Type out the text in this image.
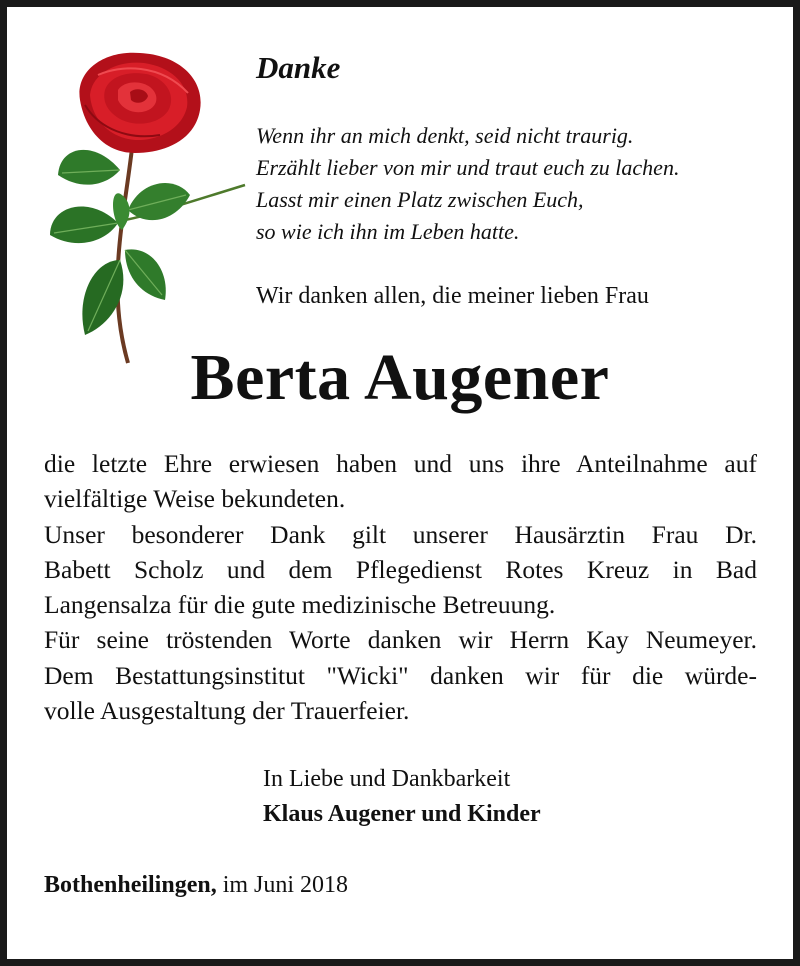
Danke
Wenn ihr an mich denkt, seid nicht traurig.
Erzählt lieber von mir und traut euch zu lachen.
Lasst mir einen Platz zwischen Euch,
so wie ich ihn im Leben hatte.
Wir danken allen, die meiner lieben Frau
Berta Augener
die letzte Ehre erwiesen haben und uns ihre Anteilnahme auf
vielfältige Weise bekundeten.
Unser besonderer Dank gilt unserer Hausärztin Frau Dr.
Babett Scholz und dem Pflegedienst Rotes Kreuz in Bad
Langensalza für die gute medizinische Betreuung.
Für seine tröstenden Worte danken wir Herrn Kay Neumeyer.
Dem Bestattungsinstitut "Wicki" danken wir für die würde-
volle Ausgestaltung der Trauerfeier.
In Liebe und Dankbarkeit
Klaus Augener und Kinder
Bothenheilingen, im Juni 2018
